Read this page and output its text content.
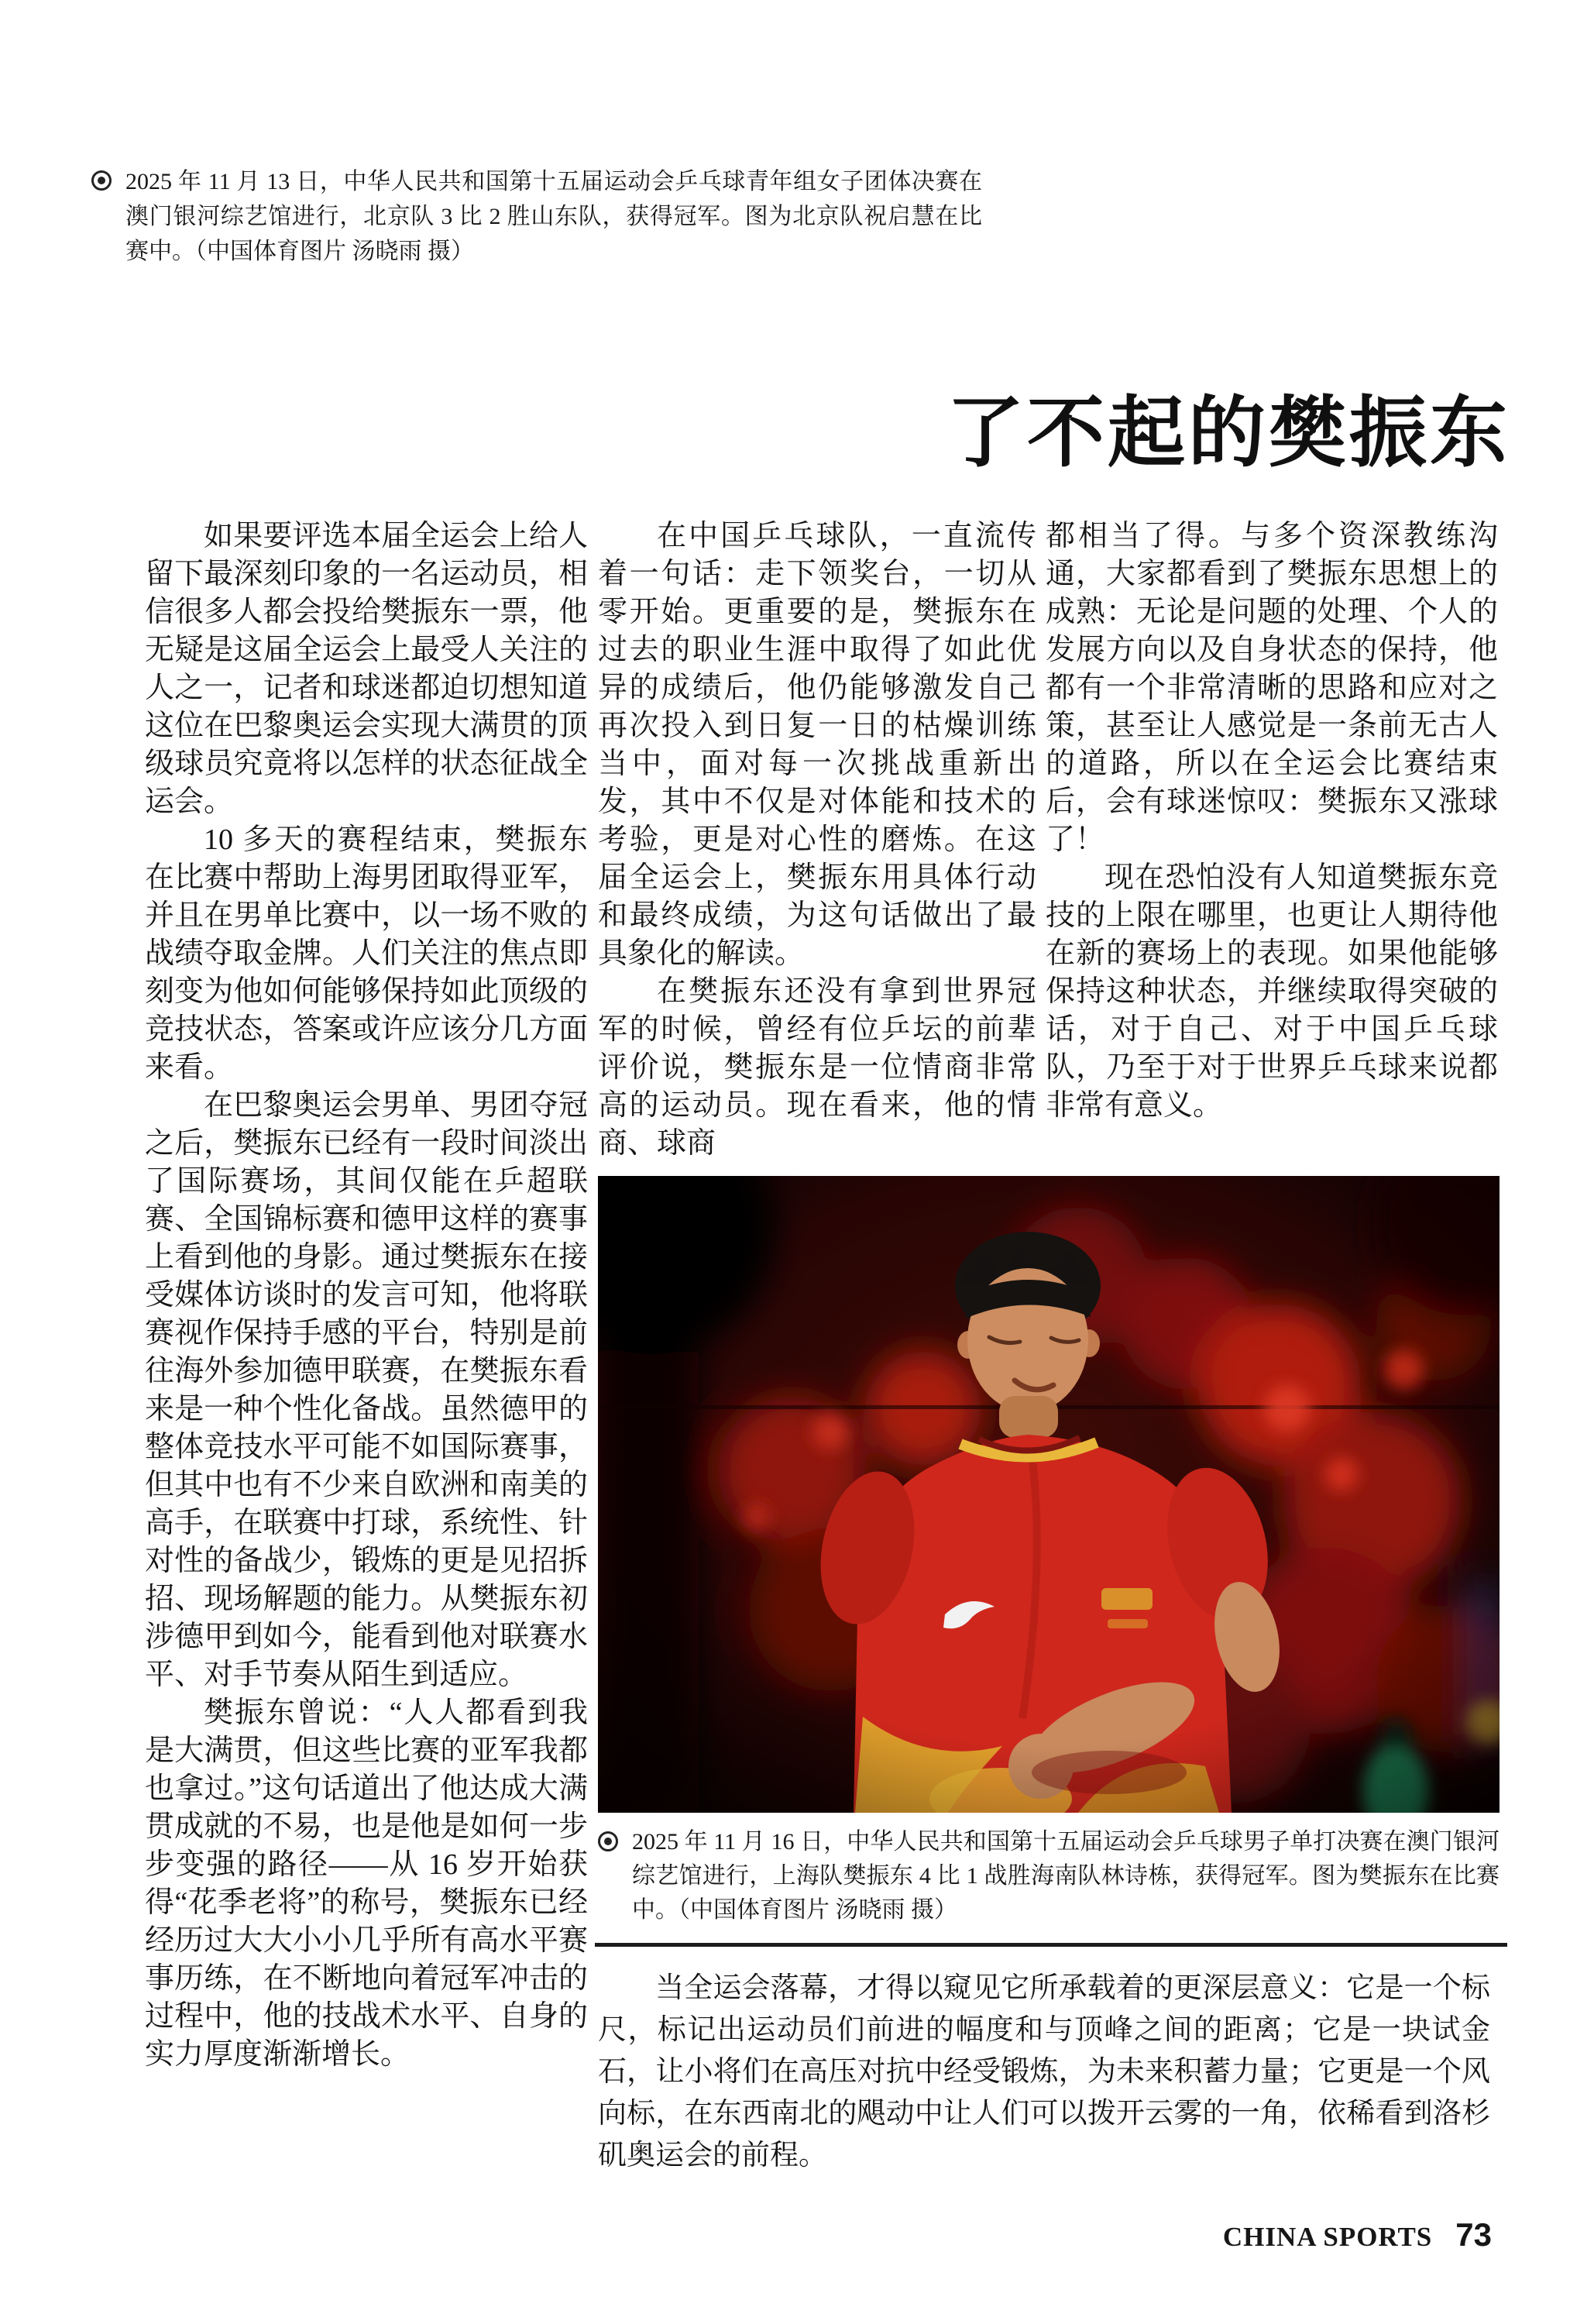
2025 年 11 月 13 日，中华人民共和国第十五届运动会乒乓球青年组女子团体决赛在澳门银河综艺馆进行，北京队 3 比 2 胜山东队，获得冠军。图为北京队祝启慧在比赛中。（中国体育图片 汤晓雨 摄）

了不起的樊振东

如果要评选本届全运会上给人留下最深刻印象的一名运动员，相信很多人都会投给樊振东一票，他无疑是这届全运会上最受人关注的人之一，记者和球迷都迫切想知道这位在巴黎奥运会实现大满贯的顶级球员究竟将以怎样的状态征战全运会。

10 多天的赛程结束，樊振东在比赛中帮助上海男团取得亚军，并且在男单比赛中，以一场不败的战绩夺取金牌。人们关注的焦点即刻变为他如何能够保持如此顶级的竞技状态，答案或许应该分几方面来看。

在巴黎奥运会男单、男团夺冠之后，樊振东已经有一段时间淡出了国际赛场，其间仅能在乒超联赛、全国锦标赛和德甲这样的赛事上看到他的身影。通过樊振东在接受媒体访谈时的发言可知，他将联赛视作保持手感的平台，特别是前往海外参加德甲联赛，在樊振东看来是一种个性化备战。虽然德甲的整体竞技水平可能不如国际赛事，但其中也有不少来自欧洲和南美的高手，在联赛中打球，系统性、针对性的备战少，锻炼的更是见招拆招、现场解题的能力。从樊振东初涉德甲到如今，能看到他对联赛水平、对手节奏从陌生到适应。

樊振东曾说：“人人都看到我是大满贯，但这些比赛的亚军我都也拿过。”这句话道出了他达成大满贯成就的不易，也是他是如何一步步变强的路径——从 16 岁开始获得“花季老将”的称号，樊振东已经经历过大大小小几乎所有高水平赛事历练，在不断地向着冠军冲击的过程中，他的技战术水平、自身的实力厚度渐渐增长。

在中国乒乓球队，一直流传着一句话：走下领奖台，一切从零开始。更重要的是，樊振东在过去的职业生涯中取得了如此优异的成绩后，他仍能够激发自己再次投入到日复一日的枯燥训练当中，面对每一次挑战重新出发，其中不仅是对体能和技术的考验，更是对心性的磨炼。在这届全运会上，樊振东用具体行动和最终成绩，为这句话做出了最具象化的解读。

在樊振东还没有拿到世界冠军的时候，曾经有位乒坛的前辈评价说，樊振东是一位情商非常高的运动员。现在看来，他的情商、球商

都相当了得。与多个资深教练沟通，大家都看到了樊振东思想上的成熟：无论是问题的处理、个人的发展方向以及自身状态的保持，他都有一个非常清晰的思路和应对之策，甚至让人感觉是一条前无古人的道路，所以在全运会比赛结束后，会有球迷惊叹：樊振东又涨球了！

现在恐怕没有人知道樊振东竞技的上限在哪里，也更让人期待他在新的赛场上的表现。如果他能够保持这种状态，并继续取得突破的话，对于自己、对于中国乒乓球队，乃至于对于世界乒乓球来说都非常有意义。

2025 年 11 月 16 日，中华人民共和国第十五届运动会乒乓球男子单打决赛在澳门银河综艺馆进行，上海队樊振东 4 比 1 战胜海南队林诗栋，获得冠军。图为樊振东在比赛中。（中国体育图片 汤晓雨 摄）

当全运会落幕，才得以窥见它所承载着的更深层意义：它是一个标尺，标记出运动员们前进的幅度和与顶峰之间的距离；它是一块试金石，让小将们在高压对抗中经受锻炼，为未来积蓄力量；它更是一个风向标，在东西南北的飓动中让人们可以拨开云雾的一角，依稀看到洛杉矶奥运会的前程。

CHINA SPORTS 73
